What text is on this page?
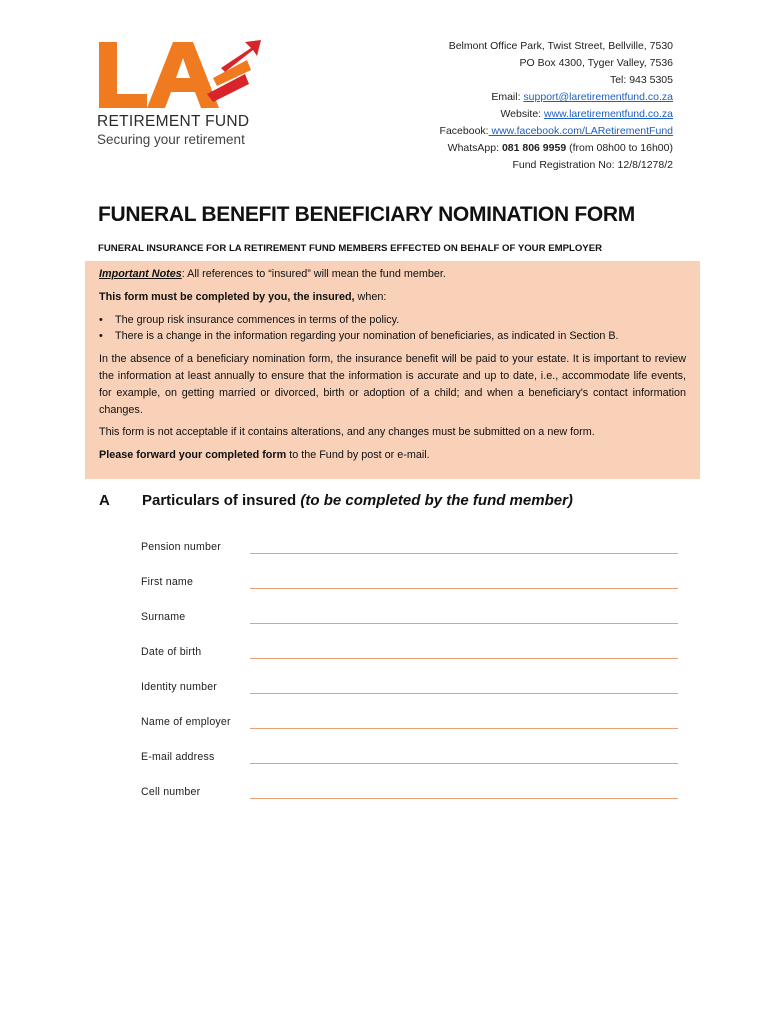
RETIREMENT FUND
Securing your retirement
Belmont Office Park, Twist Street, Bellville, 7530
PO Box 4300, Tyger Valley, 7536
Tel: 943 5305
Email: support@laretirementfund.co.za
Website: www.laretirementfund.co.za
Facebook: www.facebook.com/LARetirementFund
WhatsApp: 081 806 9959 (from 08h00 to 16h00)
Fund Registration No: 12/8/1278/2
FUNERAL BENEFIT BENEFICIARY NOMINATION FORM
FUNERAL INSURANCE FOR LA RETIREMENT FUND MEMBERS EFFECTED ON BEHALF OF YOUR EMPLOYER

Important Notes: All references to “insured” will mean the fund member.

This form must be completed by you, the insured, when:

• The group risk insurance commences in terms of the policy.
• There is a change in the information regarding your nomination of beneficiaries, as indicated in Section B.

In the absence of a beneficiary nomination form, the insurance benefit will be paid to your estate. It is important to review the information at least annually to ensure that the information is accurate and up to date, i.e., accommodate life events, for example, on getting married or divorced, birth or adoption of a child; and when a beneficiary's contact information changes.

This form is not acceptable if it contains alterations, and any changes must be submitted on a new form.

Please forward your completed form to the Fund by post or e-mail.

A Particulars of insured (to be completed by the fund member)
Pension number
First name
Surname
Date of birth
Identity number
Name of employer
E-mail address
Cell number
